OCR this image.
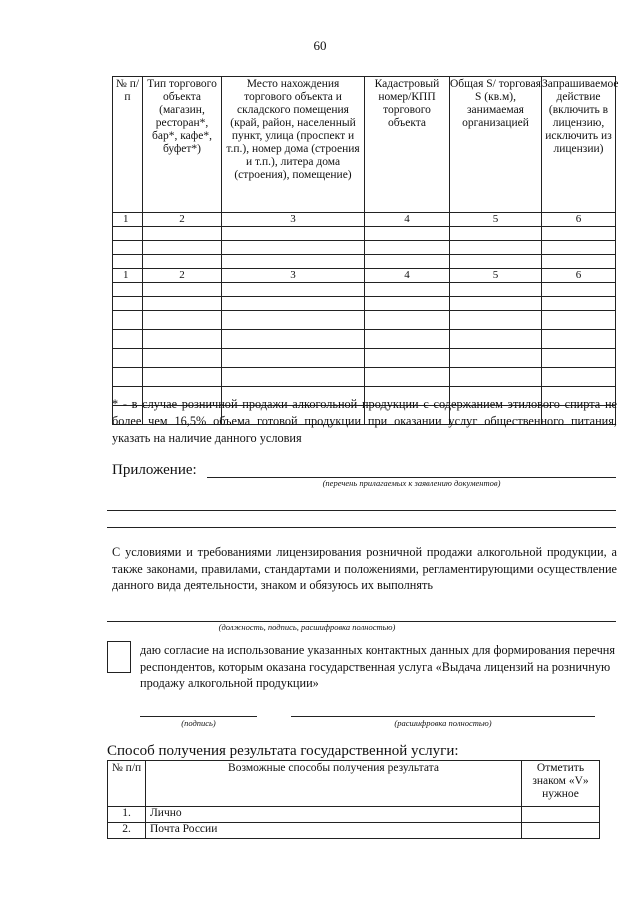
60
№ п/п	Тип торгового объекта (магазин, ресторан*, бар*, кафе*, буфет*)	Место нахождения торгового объекта и складского помещения (край, район, населенный пункт, улица (проспект и т.п.), номер дома (строения и т.п.), литера дома (строения), помещение)	Кадастровый номер/КПП торгового объекта	Общая S/ торговая S (кв.м), занимаемая организацией	Запрашиваемое действие (включить в лицензию, исключить из лицензии)
1	2	3	4	5	6

1	2	3	4	5	6

* - в случае розничной продажи алкогольной продукции с содержанием этилового спирта не более чем 16,5% объема готовой продукции при оказании услуг общественного питания, указать на наличие данного условия

Приложение:
(перечень прилагаемых к заявлению документов)

С условиями и требованиями лицензирования розничной продажи алкогольной продукции, а также законами, правилами, стандартами и положениями, регламентирующими осуществление данного вида деятельности, знаком и обязуюсь их выполнять

(должность, подпись, расшифровка полностью)

даю согласие на использование указанных контактных данных для формирования перечня респондентов, которым оказана государственная услуга «Выдача лицензий на розничную продажу алкогольной продукции»

(подпись)	(расшифровка полностью)
Способ получения результата государственной услуги:
№ п/п	Возможные способы получения результата	Отметить знаком «V» нужное
1.	Лично	
2.	Почта России	
